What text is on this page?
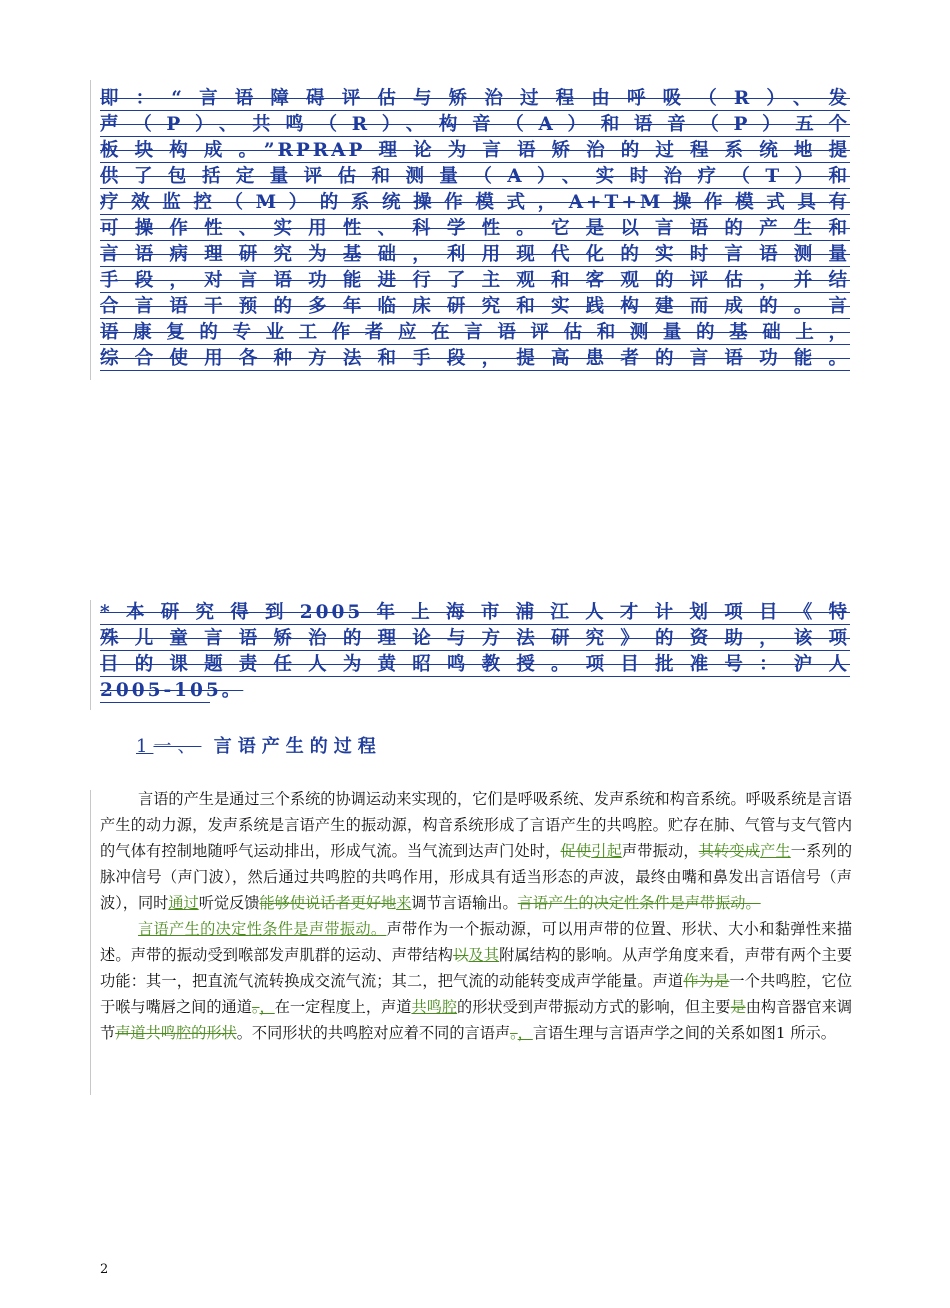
即：“言语障碍评估与矫治过程由呼吸（R）、发
声（P）、共鸣（R）、构音（A）和语音（P）五个
板块构成。”RPRAP理论为言语矫治的过程系统地提
供了包括定量评估和测量（A）、实时治疗（T）和
疗效监控（M）的系统操作模式，A+T+M操作模式具有
可操作性、实用性、科学性。它是以言语的产生和
言语病理研究为基础，利用现代化的实时言语测量
手段，对言语功能进行了主观和客观的评估，并结
合言语干预的多年临床研究和实践构建而成的。言
语康复的专业工作者应在言语评估和测量的基础上，
综合使用各种方法和手段，提高患者的言语功能。
*本研究得到2005年上海市浦江人才计划项目《特
殊儿童言语矫治的理论与方法研究》的资助，该项
目的课题责任人为黄昭鸣教授。项目批准号：沪人
2005-105。
1一、 言语产生的过程

言语的产生是通过三个系统的协调运动来实现的，它们是呼吸系统、发声系统和构音系统。呼吸系统是言语产生的动力源，发声系统是言语产生的振动源，构音系统形成了言语产生的共鸣腔。贮存在肺、气管与支气管内的气体有控制地随呼气运动排出，形成气流。当气流到达声门处时，促使引起声带振动，其转变成产生一系列的脉冲信号（声门波），然后通过共鸣腔的共鸣作用，形成具有适当形态的声波，最终由嘴和鼻发出言语信号（声波），同时通过听觉反馈能够使说话者更好地来调节言语输出。言语产生的决定性条件是声带振动。

言语产生的决定性条件是声带振动。声带作为一个振动源，可以用声带的位置、形状、大小和黏弹性来描述。声带的振动受到喉部发声肌群的运动、声带结构以及其附属结构的影响。从声学角度来看，声带有两个主要功能：其一，把直流气流转换成交流气流；其二，把气流的动能转变成声学能量。声道作为是一个共鸣腔，它位于喉与嘴唇之间的通道。，在一定程度上，声道共鸣腔的形状受到声带振动方式的影响，但主要是由构音器官来调节声道共鸣腔的形状。不同形状的共鸣腔对应着不同的言语声。，言语生理与言语声学之间的关系如图1 所示。

2
